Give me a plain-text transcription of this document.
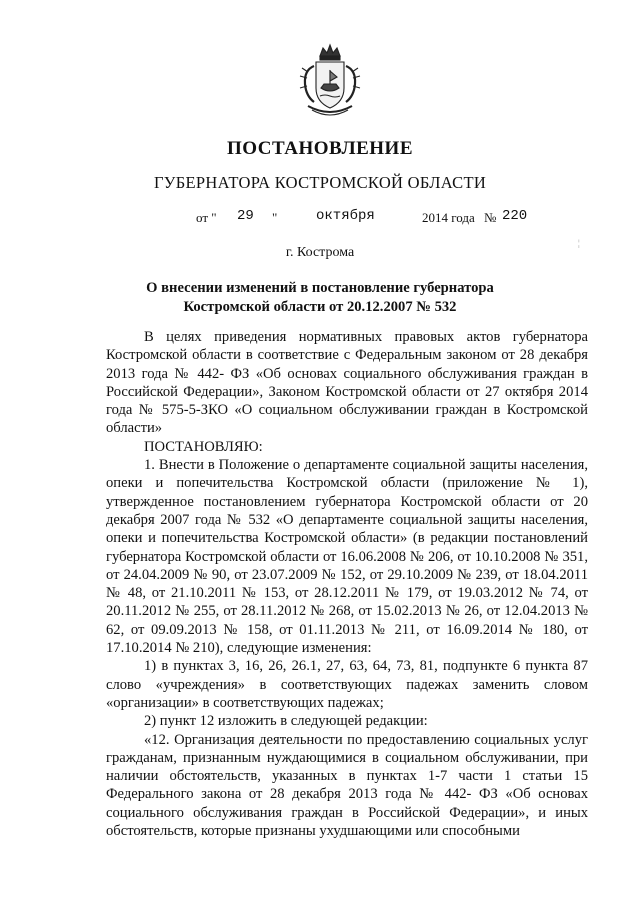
ПОСТАНОВЛЕНИЕ
ГУБЕРНАТОРА КОСТРОМСКОЙ ОБЛАСТИ
от " 29 "	октября	2014 года № 220
¦
г. Кострома
О внесении изменений в постановление губернатора
Костромской области от 20.12.2007 № 532

В целях приведения нормативных правовых актов губернатора Костромской области в соответствие с Федеральным законом от 28 декабря 2013 года № 442- ФЗ «Об основах социального обслуживания граждан в Российской Федерации», Законом Костромской области от 27 октября 2014 года № 575-5-ЗКО «О социальном обслуживании граждан в Костромской области»

ПОСТАНОВЛЯЮ:

1. Внести в Положение о департаменте социальной защиты населения, опеки и попечительства Костромской области (приложение № 1), утвержденное постановлением губернатора Костромской области от 20 декабря 2007 года № 532 «О департаменте социальной защиты населения, опеки и попечительства Костромской области» (в редакции постановлений губернатора Костромской области от 16.06.2008 № 206, от 10.10.2008 № 351, от 24.04.2009 № 90, от 23.07.2009 № 152, от 29.10.2009 № 239, от 18.04.2011 № 48, от 21.10.2011 № 153, от 28.12.2011 № 179, от 19.03.2012 № 74, от 20.11.2012 № 255, от 28.11.2012 № 268, от 15.02.2013 № 26, от 12.04.2013 № 62, от 09.09.2013 № 158, от 01.11.2013 № 211, от 16.09.2014 № 180, от 17.10.2014 № 210), следующие изменения:

1) в пунктах 3, 16, 26, 26.1, 27, 63, 64, 73, 81, подпункте 6 пункта 87 слово «учреждения» в соответствующих падежах заменить словом «организации» в соответствующих падежах;

2) пункт 12 изложить в следующей редакции:

«12. Организация деятельности по предоставлению социальных услуг гражданам, признанным нуждающимися в социальном обслуживании, при наличии обстоятельств, указанных в пунктах 1-7 части 1 статьи 15 Федерального закона от 28 декабря 2013 года № 442- ФЗ «Об основах социального обслуживания граждан в Российской Федерации», и иных обстоятельств, которые признаны ухудшающими или способными
